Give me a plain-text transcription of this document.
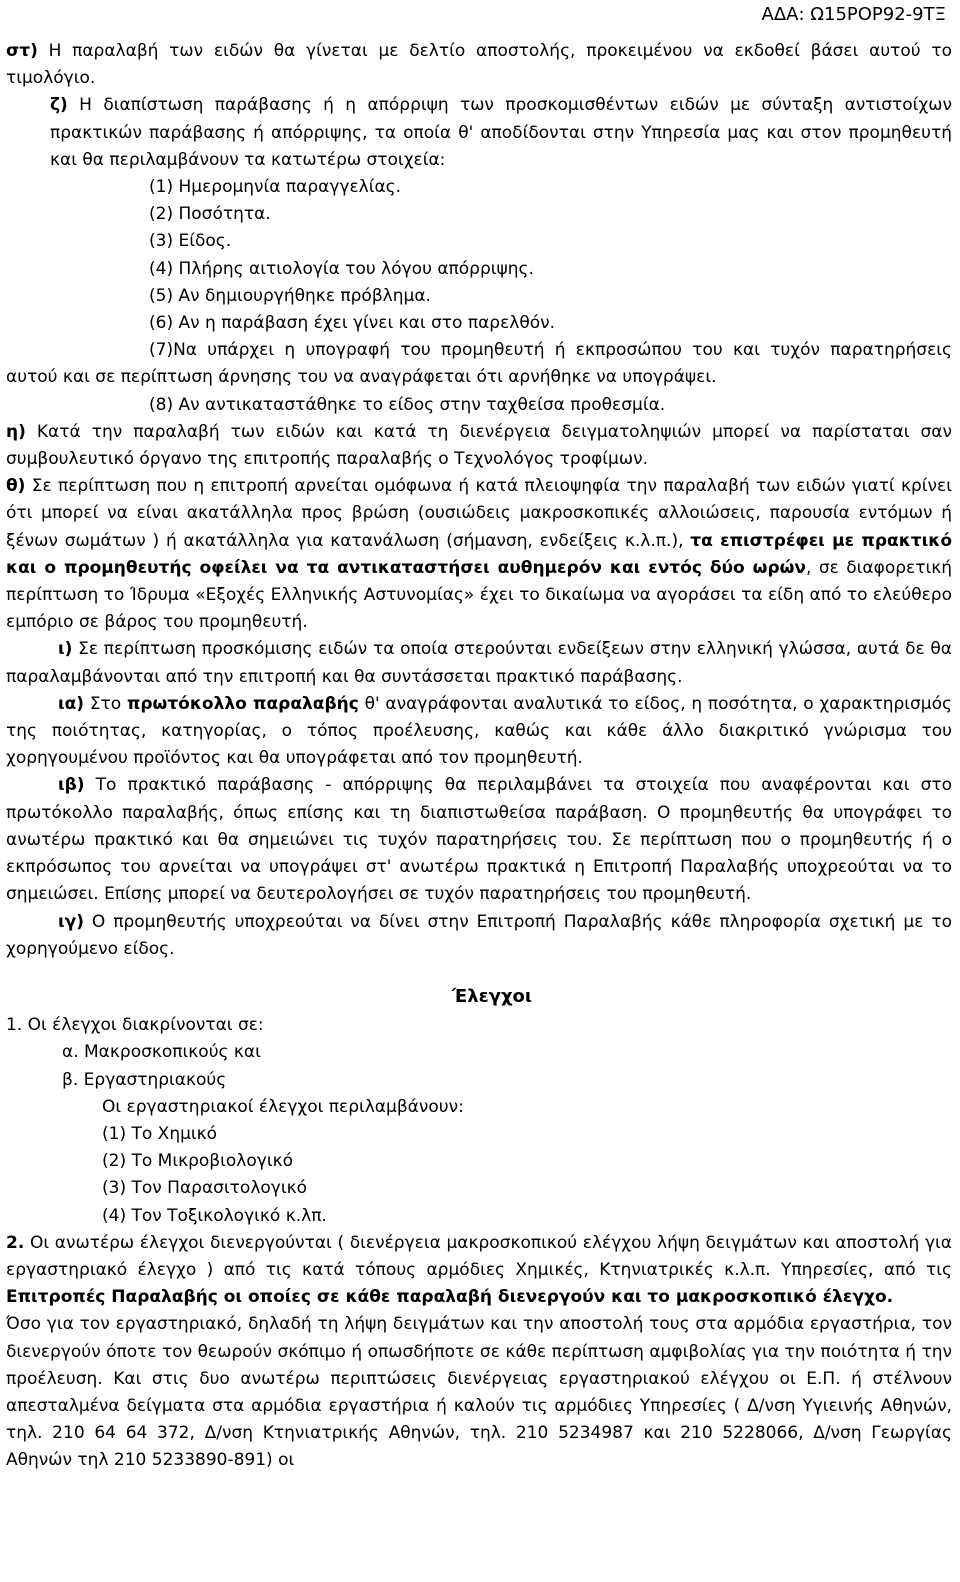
ΑΔΑ: Ω15ΡΟΡ92-9ΤΞ

στ) Η παραλαβή των ειδών θα γίνεται με δελτίο αποστολής, προκειμένου να εκδοθεί βάσει αυτού το τιμολόγιο.

ζ) Η διαπίστωση παράβασης ή η απόρριψη των προσκομισθέντων ειδών με σύνταξη αντιστοίχων πρακτικών παράβασης ή απόρριψης, τα οποία θ' αποδίδονται στην Υπηρεσία μας και στον προμηθευτή και θα περιλαμβάνουν τα κατωτέρω στοιχεία:

(1) Ημερομηνία παραγγελίας.

(2) Ποσότητα.

(3) Είδος.

(4) Πλήρης αιτιολογία του λόγου απόρριψης.

(5) Αν δημιουργήθηκε πρόβλημα.

(6) Αν η παράβαση έχει γίνει και στο παρελθόν.

(7)Να υπάρχει η υπογραφή του προμηθευτή ή εκπροσώπου του και τυχόν παρατηρήσεις αυτού και σε περίπτωση άρνησης του να αναγράφεται ότι αρνήθηκε να υπογράψει.

(8) Αν αντικαταστάθηκε το είδος στην ταχθείσα προθεσμία.

η) Κατά την παραλαβή των ειδών και κατά τη διενέργεια δειγματοληψιών μπορεί να παρίσταται σαν συμβουλευτικό όργανο της επιτροπής παραλαβής ο Τεχνολόγος τροφίμων.

θ) Σε περίπτωση που η επιτροπή αρνείται ομόφωνα ή κατά πλειοψηφία την παραλαβή των ειδών γιατί κρίνει ότι μπορεί να είναι ακατάλληλα προς βρώση (ουσιώδεις μακροσκοπικές αλλοιώσεις, παρουσία εντόμων ή ξένων σωμάτων ) ή ακατάλληλα για κατανάλωση (σήμανση, ενδείξεις κ.λ.π.), τα επιστρέφει με πρακτικό και ο προμηθευτής οφείλει να τα αντικαταστήσει αυθημερόν και εντός δύο ωρών, σε διαφορετική περίπτωση το Ίδρυμα «Εξοχές Ελληνικής Αστυνομίας» έχει το δικαίωμα να αγοράσει τα είδη από το ελεύθερο εμπόριο σε βάρος του προμηθευτή.

ι) Σε περίπτωση προσκόμισης ειδών τα οποία στερούνται ενδείξεων στην ελληνική γλώσσα, αυτά δε θα παραλαμβάνονται από την επιτροπή και θα συντάσσεται πρακτικό παράβασης.

ια) Στο πρωτόκολλο παραλαβής θ' αναγράφονται αναλυτικά το είδος, η ποσότητα, ο χαρακτηρισμός της ποιότητας, κατηγορίας, ο τόπος προέλευσης, καθώς και κάθε άλλο διακριτικό γνώρισμα του χορηγουμένου προϊόντος και θα υπογράφεται από τον προμηθευτή.

ιβ) Το πρακτικό παράβασης - απόρριψης θα περιλαμβάνει τα στοιχεία που αναφέρονται και στο πρωτόκολλο παραλαβής, όπως επίσης και τη διαπιστωθείσα παράβαση. Ο προμηθευτής θα υπογράφει το ανωτέρω πρακτικό και θα σημειώνει τις τυχόν παρατηρήσεις του. Σε περίπτωση που ο προμηθευτής ή ο εκπρόσωπος του αρνείται να υπογράψει στ' ανωτέρω πρακτικά η Επιτροπή Παραλαβής υποχρεούται να το σημειώσει. Επίσης μπορεί να δευτερολογήσει σε τυχόν παρατηρήσεις του προμηθευτή.

ιγ) Ο προμηθευτής υποχρεούται να δίνει στην Επιτροπή Παραλαβής κάθε πληροφορία σχετική με το χορηγούμενο είδος.

Έλεγχοι

1. Οι έλεγχοι διακρίνονται σε:

α. Μακροσκοπικούς και

β. Εργαστηριακούς

Οι εργαστηριακοί έλεγχοι περιλαμβάνουν:

(1) Το Χημικό

(2) Το Μικροβιολογικό

(3) Τον Παρασιτολογικό

(4) Τον Τοξικολογικό κ.λπ.

2. Οι ανωτέρω έλεγχοι διενεργούνται ( διενέργεια μακροσκοπικού ελέγχου λήψη δειγμάτων και αποστολή για εργαστηριακό έλεγχο ) από τις κατά τόπους αρμόδιες Χημικές, Κτηνιατρικές κ.λ.π. Υπηρεσίες, από τις Επιτροπές Παραλαβής οι οποίες σε κάθε παραλαβή διενεργούν και το μακροσκοπικό έλεγχο.

Όσο για τον εργαστηριακό, δηλαδή τη λήψη δειγμάτων και την αποστολή τους στα αρμόδια εργαστήρια, τον διενεργούν όποτε τον θεωρούν σκόπιμο ή οπωσδήποτε σε κάθε περίπτωση αμφιβολίας για την ποιότητα ή την προέλευση. Και στις δυο ανωτέρω περιπτώσεις διενέργειας εργαστηριακού ελέγχου οι Ε.Π. ή στέλνουν απεσταλμένα δείγματα στα αρμόδια εργαστήρια ή καλούν τις αρμόδιες Υπηρεσίες ( Δ/νση Υγιεινής Αθηνών, τηλ. 210 64 64 372, Δ/νση Κτηνιατρικής Αθηνών, τηλ. 210 5234987 και 210 5228066, Δ/νση Γεωργίας Αθηνών τηλ 210 5233890-891) οι
